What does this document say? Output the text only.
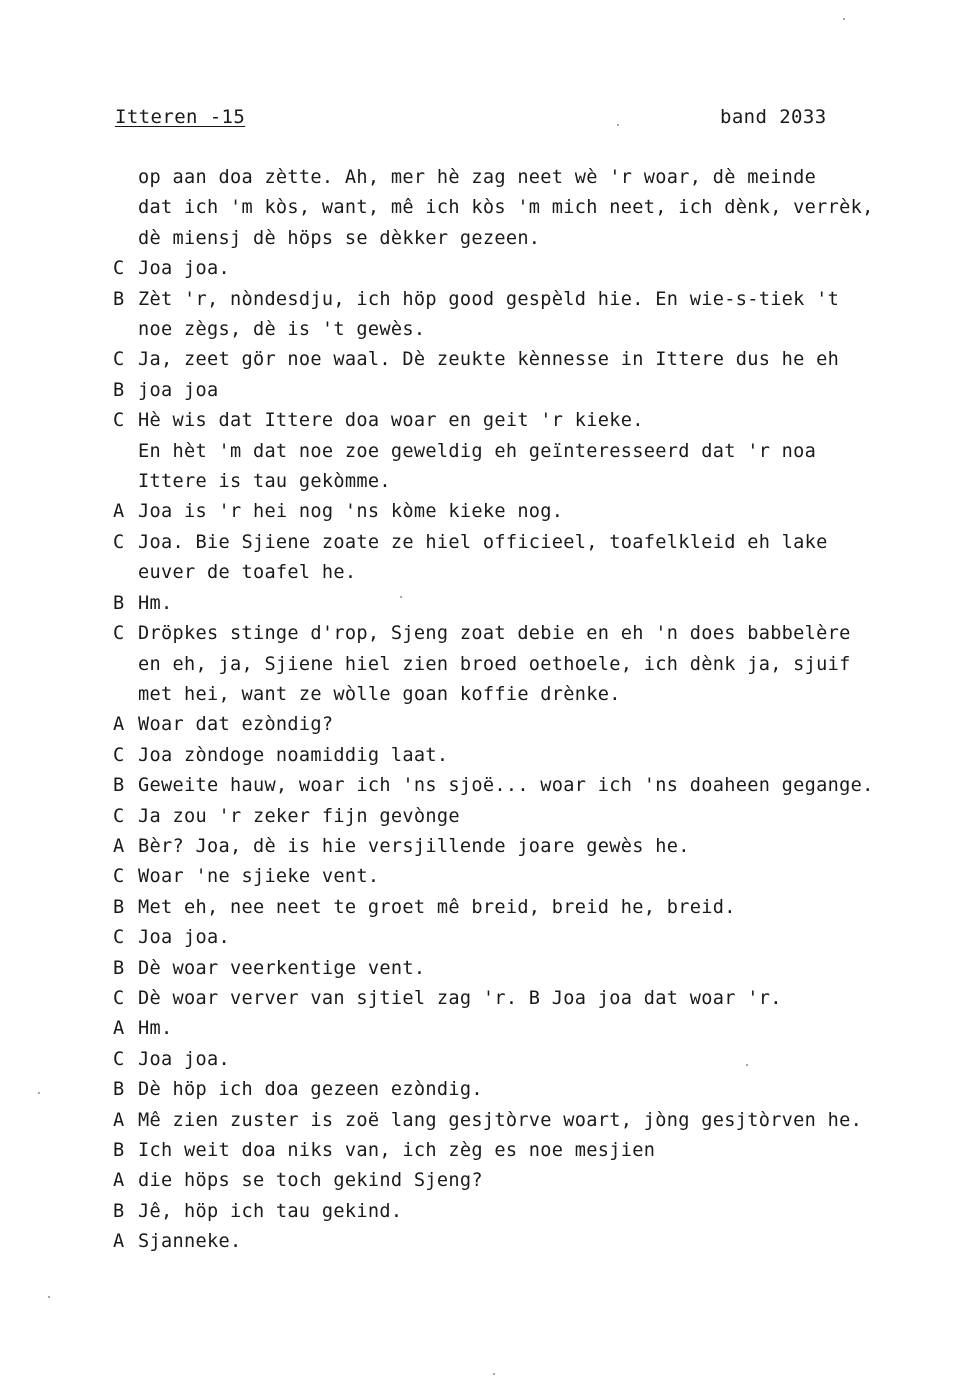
Itteren -15	band 2033
op aan doa zètte. Ah, mer hè zag neet wè 'r woar, dè meinde
dat ich 'm kòs, want, mê ich kòs 'm mich neet, ich dènk, verrèk,
dè miensj dè höps se dèkker gezeen.
C Joa joa.
B Zèt 'r, nòndesdju, ich höp good gespèld hie. En wie-s-tiek 't
noe zègs, dè is 't gewès.
C Ja, zeet gör noe waal. Dè zeukte kènnesse in Ittere dus he eh
B joa joa
C Hè wis dat Ittere doa woar en geit 'r kieke.
En hèt 'm dat noe zoe geweldig eh geïnteresseerd dat 'r noa
Ittere is tau gekòmme.
A Joa is 'r hei nog 'ns kòme kieke nog.
C Joa. Bie Sjiene zoate ze hiel officieel, toafelkleid eh lake
euver de toafel he.
B Hm.
C Dröpkes stinge d'rop, Sjeng zoat debie en eh 'n does babbelère
en eh, ja, Sjiene hiel zien broed oethoele, ich dènk ja, sjuif
met hei, want ze wòlle goan koffie drènke.
A Woar dat ezòndig?
C Joa zòndoge noamiddig laat.
B Geweite hauw, woar ich 'ns sjoë... woar ich 'ns doaheen gegange.
C Ja zou 'r zeker fijn gevònge
A Bèr? Joa, dè is hie versjillende joare gewès he.
C Woar 'ne sjieke vent.
B Met eh, nee neet te groet mê breid, breid he, breid.
C Joa joa.
B Dè woar veerkentige vent.
C Dè woar verver van sjtiel zag 'r. B Joa joa dat woar 'r.
A Hm.
C Joa joa.
B Dè höp ich doa gezeen ezòndig.
A Mê zien zuster is zoë lang gesjtòrve woart, jòng gesjtòrven he.
B Ich weit doa niks van, ich zèg es noe mesjien
A die höps se toch gekind Sjeng?
B Jê, höp ich tau gekind.
A Sjanneke.
